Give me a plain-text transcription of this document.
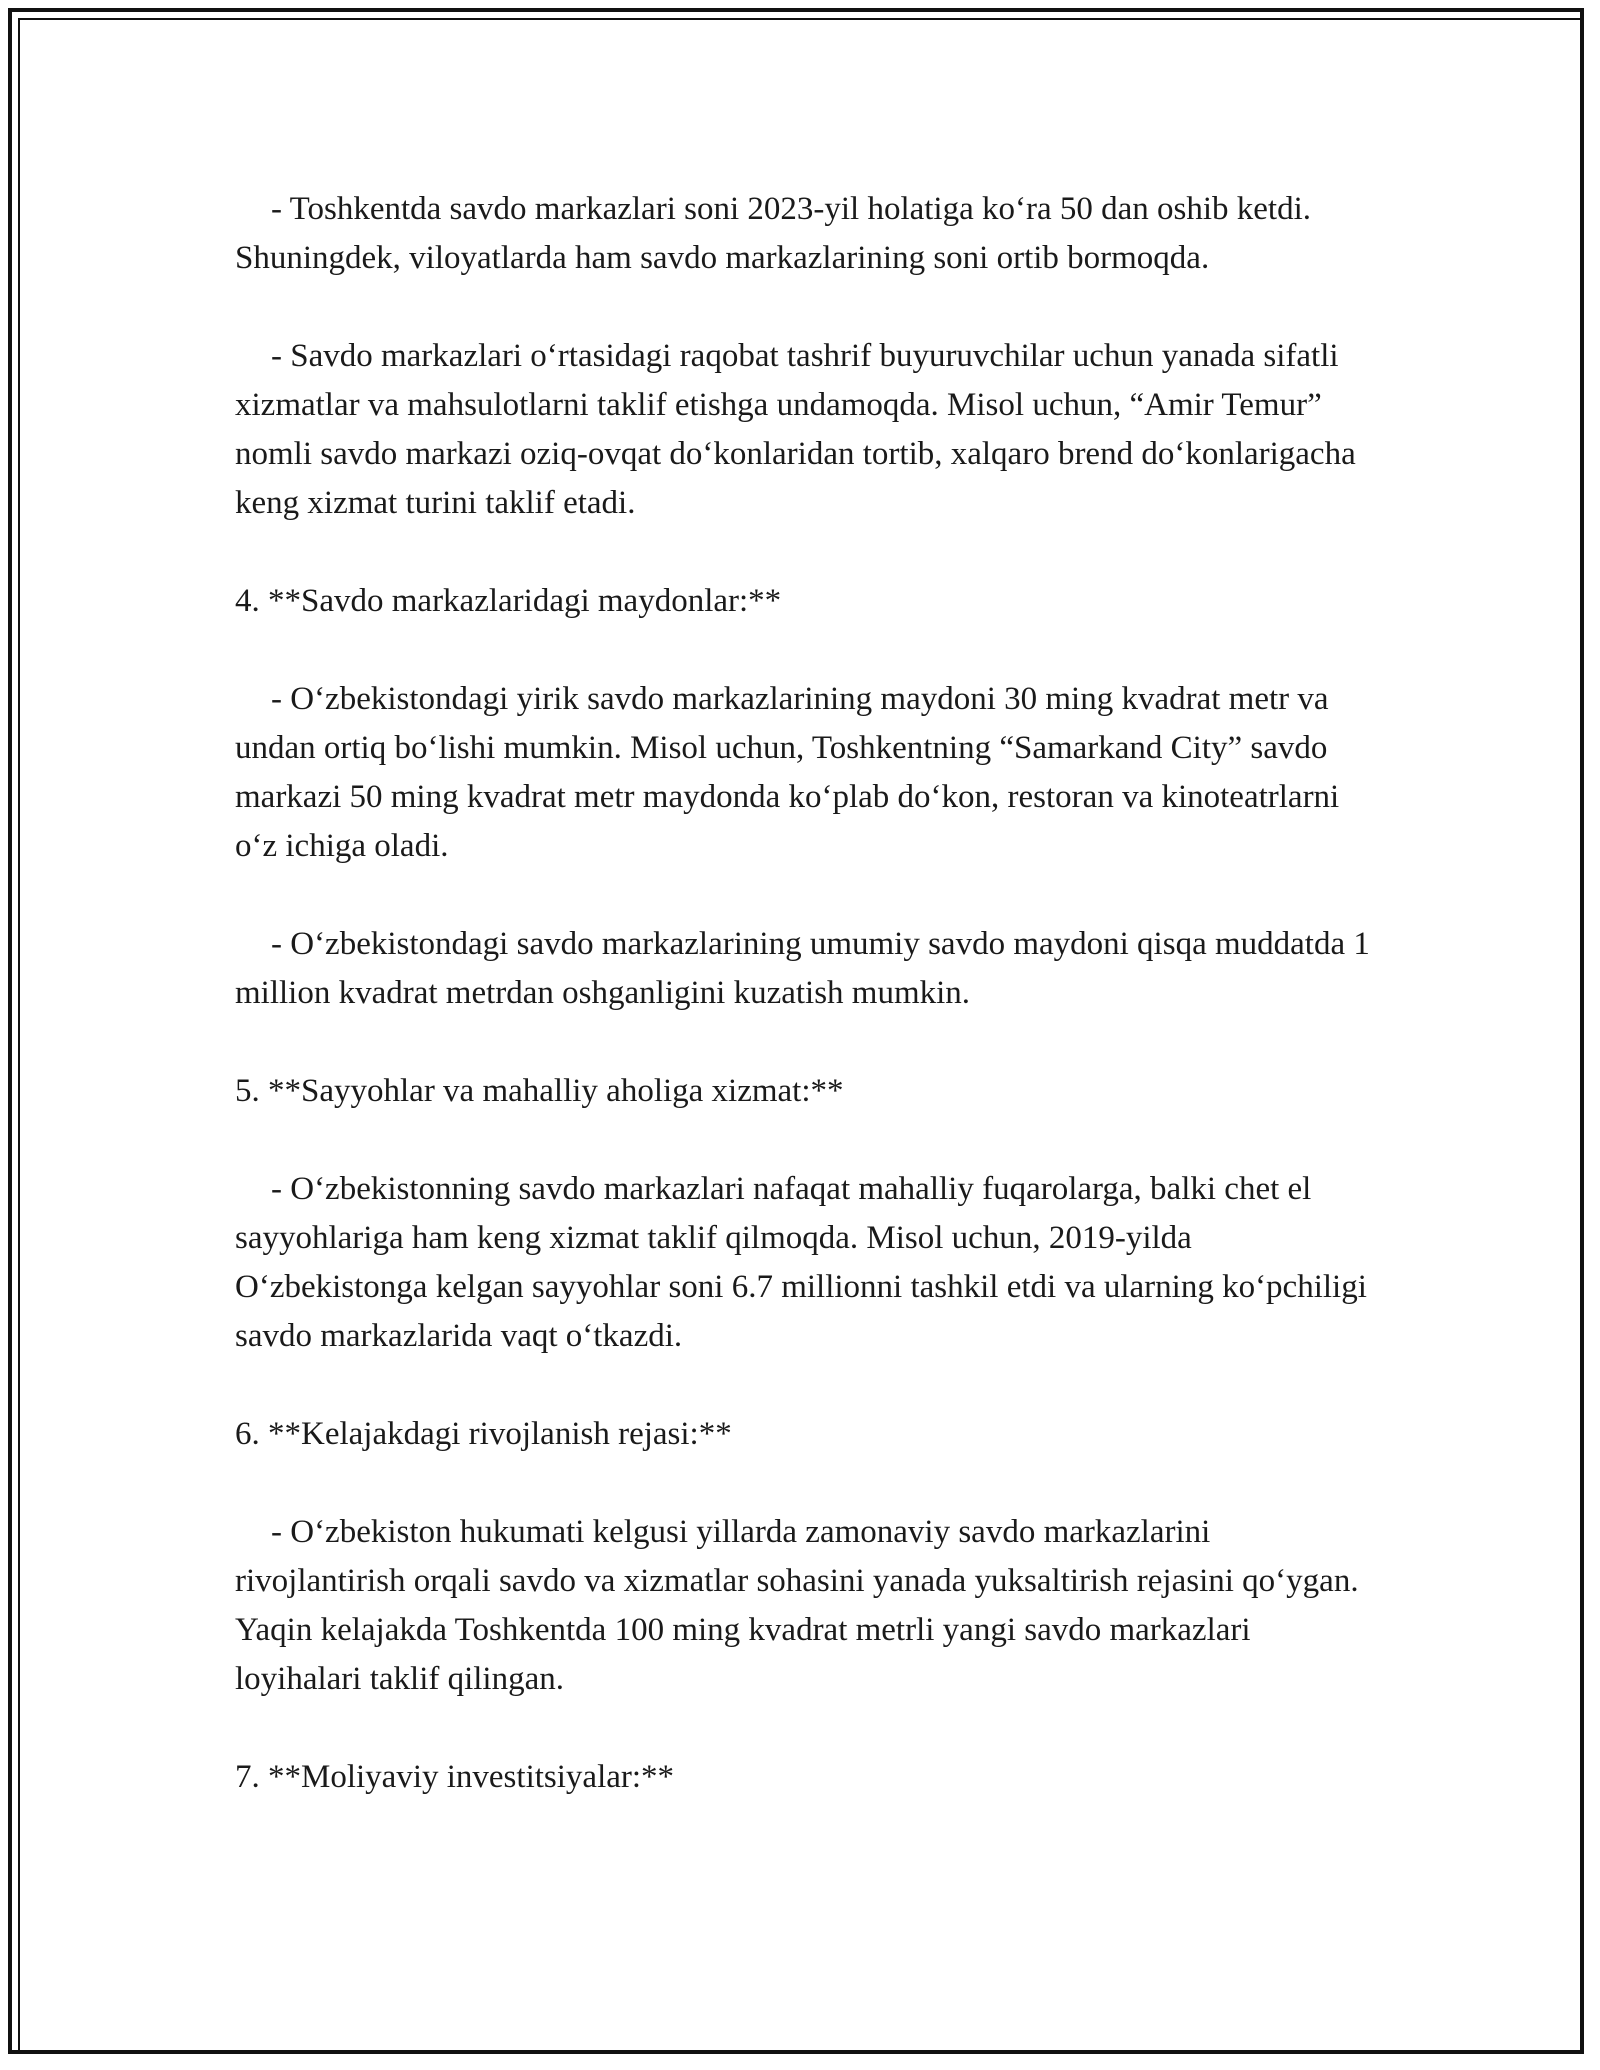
- Toshkentda savdo markazlari soni 2023-yil holatiga ko‘ra 50 dan oshib ketdi. Shuningdek, viloyatlarda ham savdo markazlarining soni ortib bormoqda.

- Savdo markazlari o‘rtasidagi raqobat tashrif buyuruvchilar uchun yanada sifatli xizmatlar va mahsulotlarni taklif etishga undamoqda. Misol uchun, “Amir Temur” nomli savdo markazi oziq-ovqat do‘konlaridan tortib, xalqaro brend do‘konlarigacha keng xizmat turini taklif etadi.

4. **Savdo markazlaridagi maydonlar:**

- O‘zbekistondagi yirik savdo markazlarining maydoni 30 ming kvadrat metr va undan ortiq bo‘lishi mumkin. Misol uchun, Toshkentning “Samarkand City” savdo markazi 50 ming kvadrat metr maydonda ko‘plab do‘kon, restoran va kinoteatrlarni o‘z ichiga oladi.

- O‘zbekistondagi savdo markazlarining umumiy savdo maydoni qisqa muddatda 1 million kvadrat metrdan oshganligini kuzatish mumkin.

5. **Sayyohlar va mahalliy aholiga xizmat:**

- O‘zbekistonning savdo markazlari nafaqat mahalliy fuqarolarga, balki chet el sayyohlariga ham keng xizmat taklif qilmoqda. Misol uchun, 2019-yilda O‘zbekistonga kelgan sayyohlar soni 6.7 millionni tashkil etdi va ularning ko‘pchiligi savdo markazlarida vaqt o‘tkazdi.

6. **Kelajakdagi rivojlanish rejasi:**

- O‘zbekiston hukumati kelgusi yillarda zamonaviy savdo markazlarini rivojlantirish orqali savdo va xizmatlar sohasini yanada yuksaltirish rejasini qo‘ygan. Yaqin kelajakda Toshkentda 100 ming kvadrat metrli yangi savdo markazlari loyihalari taklif qilingan.

7. **Moliyaviy investitsiyalar:**
